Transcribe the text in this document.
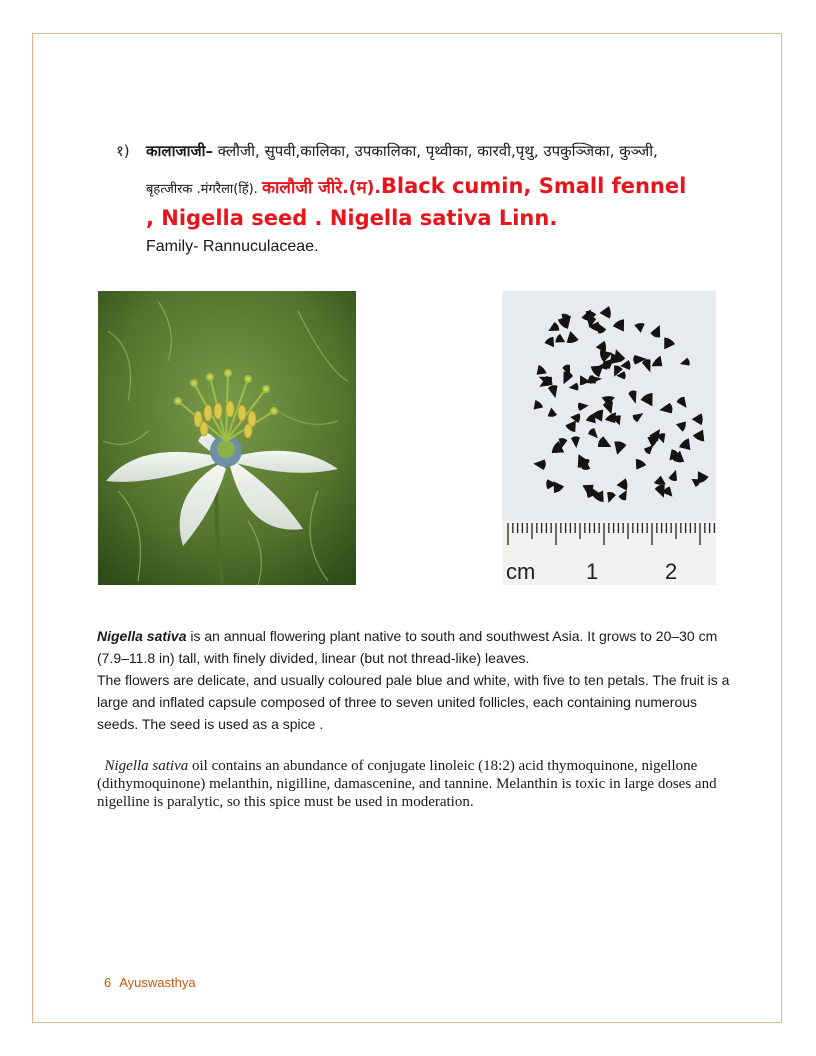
१) कालाजाजी– क्लौजी, सुपवी,कालिका, उपकालिका, पृथ्वीका, कारवी,पृथु, उपकुञ्जिका, कुञ्जी,
बृहत्जीरक .मंगरैला(हिं). कालौजी जीरे.(म).Black cumin, Small fennel
, Nigella seed . Nigella sativa Linn.
Family- Rannuculaceae.
cm 1	2

Nigella sativa is an annual flowering plant native to south and southwest Asia. It grows to 20–30 cm (7.9–11.8 in) tall, with finely divided, linear (but not thread-like) leaves.

The flowers are delicate, and usually coloured pale blue and white, with five to ten petals. The fruit is a large and inflated capsule composed of three to seven united follicles, each containing numerous seeds. The seed is used as a spice .

Nigella sativa oil contains an abundance of conjugate linoleic (18:2) acid thymoquinone, nigellone (dithymoquinone) melanthin, nigilline, damascenine, and tannine. Melanthin is toxic in large doses and nigelline is paralytic, so this spice must be used in moderation.
6 Ayuswasthya
